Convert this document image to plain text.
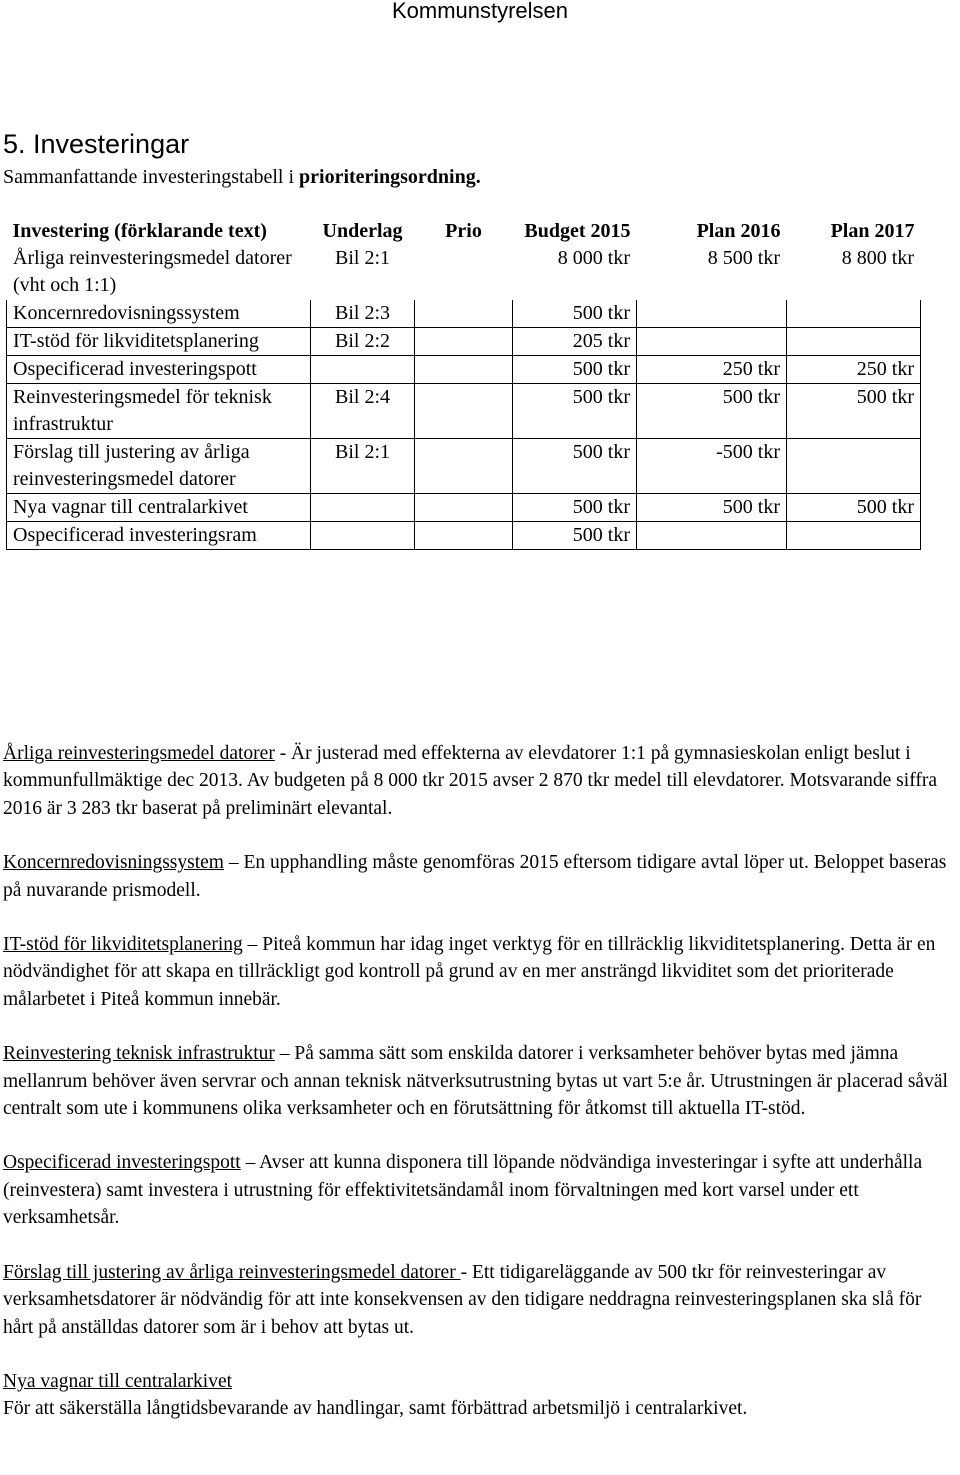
Kommunstyrelsen
5. Investeringar
Sammanfattande investeringstabell i prioriteringsordning.
Investering (förklarande text)	Underlag	Prio	Budget 2015	Plan 2016	Plan 2017
Årliga reinvesteringsmedel datorer (vht och 1:1)	Bil 2:1		8 000 tkr	8 500 tkr	8 800 tkr
Koncernredovisningssystem	Bil 2:3		500 tkr		
IT-stöd för likviditetsplanering	Bil 2:2		205 tkr		
Ospecificerad investeringspott			500 tkr	250 tkr	250 tkr
Reinvesteringsmedel för teknisk infrastruktur	Bil 2:4		500 tkr	500 tkr	500 tkr
Förslag till justering av årliga reinvesteringsmedel datorer	Bil 2:1		500 tkr	-500 tkr	
Nya vagnar till centralarkivet			500 tkr	500 tkr	500 tkr
Ospecificerad investeringsram			500 tkr		

Årliga reinvesteringsmedel datorer - Är justerad med effekterna av elevdatorer 1:1 på gymnasieskolan enligt beslut i kommunfullmäktige dec 2013. Av budgeten på 8 000 tkr 2015 avser 2 870 tkr medel till elevdatorer. Motsvarande siffra 2016 är 3 283 tkr baserat på preliminärt elevantal.

Koncernredovisningssystem – En upphandling måste genomföras 2015 eftersom tidigare avtal löper ut. Beloppet baseras på nuvarande prismodell.

IT-stöd för likviditetsplanering – Piteå kommun har idag inget verktyg för en tillräcklig likviditetsplanering. Detta är en nödvändighet för att skapa en tillräckligt god kontroll på grund av en mer ansträngd likviditet som det prioriterade målarbetet i Piteå kommun innebär.

Reinvestering teknisk infrastruktur – På samma sätt som enskilda datorer i verksamheter behöver bytas med jämna mellanrum behöver även servrar och annan teknisk nätverksutrustning bytas ut vart 5:e år. Utrustningen är placerad såväl centralt som ute i kommunens olika verksamheter och en förutsättning för åtkomst till aktuella IT-stöd.

Ospecificerad investeringspott – Avser att kunna disponera till löpande nödvändiga investeringar i syfte att underhålla (reinvestera) samt investera i utrustning för effektivitetsändamål inom förvaltningen med kort varsel under ett verksamhetsår.

Förslag till justering av årliga reinvesteringsmedel datorer - Ett tidigareläggande av 500 tkr för reinvesteringar av verksamhetsdatorer är nödvändig för att inte konsekvensen av den tidigare neddragna reinvesteringsplanen ska slå för hårt på anställdas datorer som är i behov att bytas ut.

Nya vagnar till centralarkivet
För att säkerställa långtidsbevarande av handlingar, samt förbättrad arbetsmiljö i centralarkivet.
